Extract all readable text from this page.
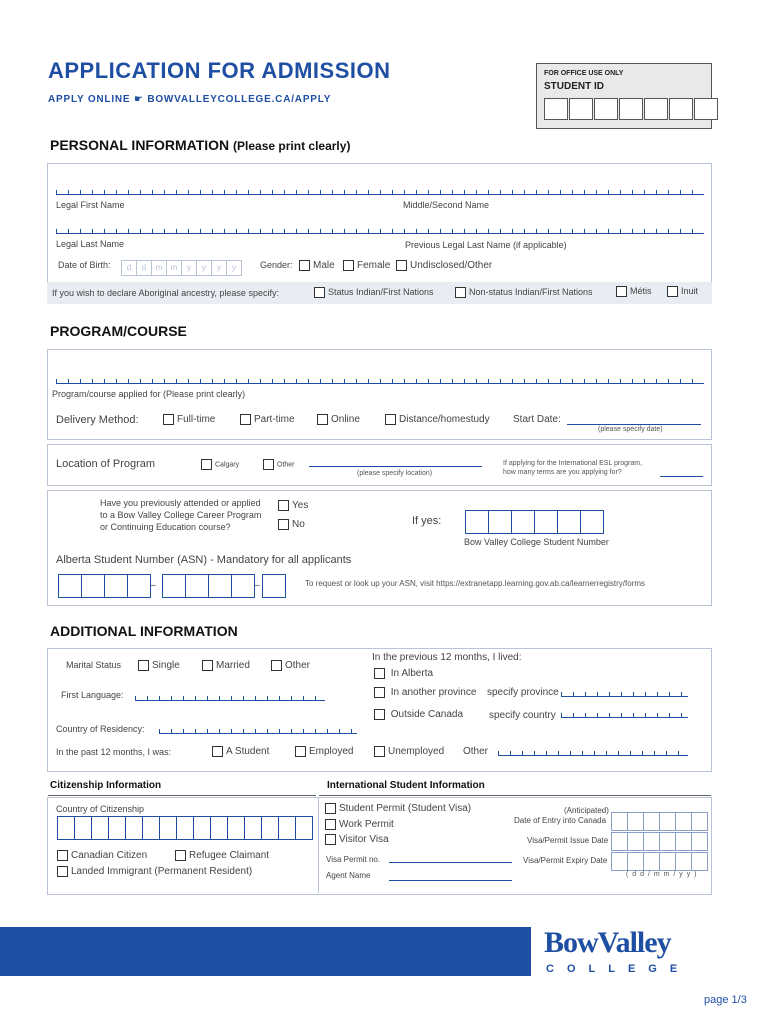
APPLICATION FOR ADMISSION
APPLY ONLINE ☛ BOWVALLEYCOLLEGE.CA/APPLY
FOR OFFICE USE ONLY
STUDENT ID
PERSONAL INFORMATION (Please print clearly)
Legal First Name	Middle/Second Name
Legal Last Name	Previous Legal Last Name (if applicable)
Date of Birth:	d d m m y y y y	Gender:	Male	Female	Undisclosed/Other
If you wish to declare Aboriginal ancestry, please specify:	Status Indian/First Nations	Non-status Indian/First Nations	Métis	Inuit
PROGRAM/COURSE
Program/course applied for (Please print clearly)
Delivery Method:	Full-time	Part-time	Online	Distance/homestudy Start Date:
(please specify date)
Location of Program	Calgary	Other
(please specify location)
If applying for the International ESL program,
how many terms are you applying for?
Have you previously attended or applied
to a Bow Valley College Career Program
or Continuing Education course?
Yes
No	If yes:
Bow Valley College Student Number
Alberta Student Number (ASN) - Mandatory for all applicants
–	–	To request or look up your ASN, visit https://extranetapp.learning.gov.ab.ca/learnerregistry/forms
ADDITIONAL INFORMATION
Marital Status	Single	Married	Other
First Language:
Country of Residency:
In the past 12 months, I was:	A Student	Employed	Unemployed Other
In the previous 12 months, I lived:
In Alberta
In another province specify province
Outside Canada	specify country
Citizenship Information	International Student Information
Country of Citizenship
Canadian Citizen	Refugee Claimant
Landed Immigrant (Permanent Resident)
Student Permit (Student Visa)
Work Permit
Visitor Visa
Visa Permit no.
Agent Name
(Anticipated)
Date of Entry into Canada
Visa/Permit Issue Date
Visa/Permit Expiry Date
( d d / m m / y y )
BowValley
COLLEGE
page 1/3
